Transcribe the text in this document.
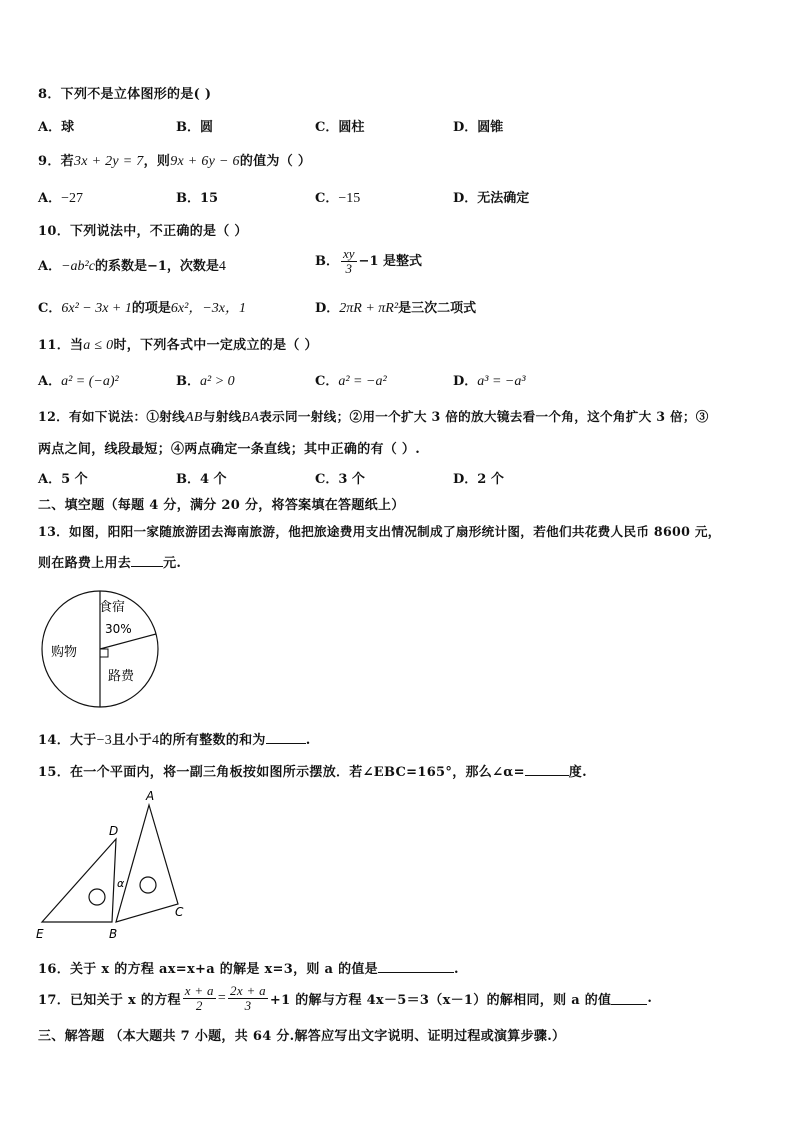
8．下列不是立体图形的是( )
A．球	B．圆	C．圆柱	D．圆锥
9．若3x + 2y = 7，则9x + 6y − 6的值为（ ）
A．−27	B．15	C．−15	D．无法确定
10．下列说法中，不正确的是（ ）
A．−ab²c的系数是−1，次数是4	B． $\frac{xy}{3} -1$ 是整式
C．6x² − 3x + 1的项是6x²，−3x，1	D．2πR + πR²是三次二项式
11．当a ≤ 0时，下列各式中一定成立的是（ ）
A．a² = (−a)²	B．a² > 0	C．a² = −a²	D．a³ = −a³
12．有如下说法：①射线AB与射线BA表示同一射线；②用一个扩大 3 倍的放大镜去看一个角，这个角扩大 3 倍；③
两点之间，线段最短；④两点确定一条直线；其中正确的有（ ）.
A．5 个	B．4 个	C．3 个	D．2 个
二、填空题（每题 4 分，满分 20 分，将答案填在答题纸上）
13．如图，阳阳一家随旅游团去海南旅游，他把旅途费用支出情况制成了扇形统计图，若他们共花费人民币 8600 元，
则在路费上用去 元.
食宿
30%
购物
路费
14．大于−3且小于4的所有整数的和为	.
15．在一个平面内，将一副三角板按如图所示摆放．若∠EBC=165°，那么∠α=	度.
A
D
E	B
C
α
16．关于 x 的方程 ax=x+a 的解是 x=3，则 a 的值是	.
17．已知关于 x 的方程 $\frac{x + a}{2} = \frac{2x + a}{3} +1$ 的解与方程 4x－5＝3（x－1）的解相同，则 a 的值	.
三、解答题 （本大题共 7 小题，共 64 分.解答应写出文字说明、证明过程或演算步骤.）
